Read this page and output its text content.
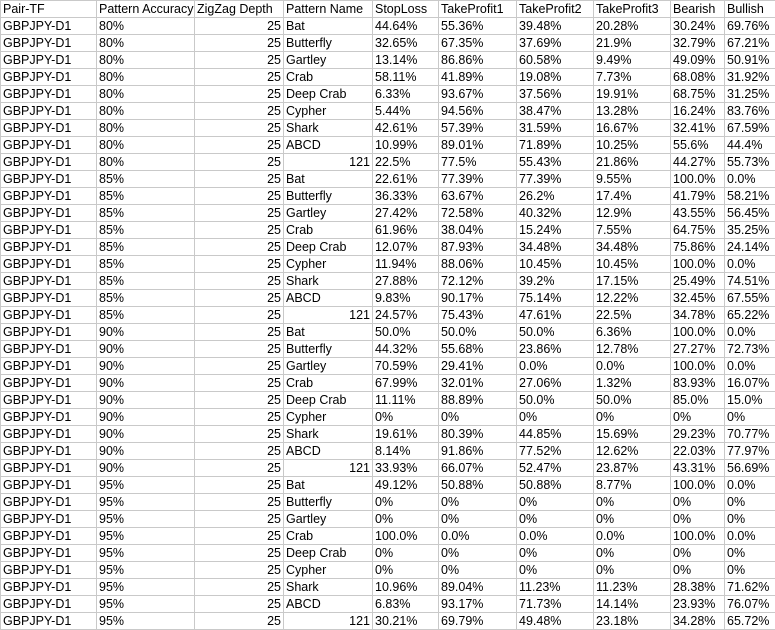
Pair-TF	Pattern Accuracy	ZigZag Depth	Pattern Name	StopLoss	TakeProfit1	TakeProfit2	TakeProfit3	Bearish	Bullish
GBPJPY-D1	80%	25	Bat	44.64%	55.36%	39.48%	20.28%	30.24%	69.76%
GBPJPY-D1	80%	25	Butterfly	32.65%	67.35%	37.69%	21.9%	32.79%	67.21%
GBPJPY-D1	80%	25	Gartley	13.14%	86.86%	60.58%	9.49%	49.09%	50.91%
GBPJPY-D1	80%	25	Crab	58.11%	41.89%	19.08%	7.73%	68.08%	31.92%
GBPJPY-D1	80%	25	Deep Crab	6.33%	93.67%	37.56%	19.91%	68.75%	31.25%
GBPJPY-D1	80%	25	Cypher	5.44%	94.56%	38.47%	13.28%	16.24%	83.76%
GBPJPY-D1	80%	25	Shark	42.61%	57.39%	31.59%	16.67%	32.41%	67.59%
GBPJPY-D1	80%	25	ABCD	10.99%	89.01%	71.89%	10.25%	55.6%	44.4%
GBPJPY-D1	80%	25	121	22.5%	77.5%	55.43%	21.86%	44.27%	55.73%
GBPJPY-D1	85%	25	Bat	22.61%	77.39%	77.39%	9.55%	100.0%	0.0%
GBPJPY-D1	85%	25	Butterfly	36.33%	63.67%	26.2%	17.4%	41.79%	58.21%
GBPJPY-D1	85%	25	Gartley	27.42%	72.58%	40.32%	12.9%	43.55%	56.45%
GBPJPY-D1	85%	25	Crab	61.96%	38.04%	15.24%	7.55%	64.75%	35.25%
GBPJPY-D1	85%	25	Deep Crab	12.07%	87.93%	34.48%	34.48%	75.86%	24.14%
GBPJPY-D1	85%	25	Cypher	11.94%	88.06%	10.45%	10.45%	100.0%	0.0%
GBPJPY-D1	85%	25	Shark	27.88%	72.12%	39.2%	17.15%	25.49%	74.51%
GBPJPY-D1	85%	25	ABCD	9.83%	90.17%	75.14%	12.22%	32.45%	67.55%
GBPJPY-D1	85%	25	121	24.57%	75.43%	47.61%	22.5%	34.78%	65.22%
GBPJPY-D1	90%	25	Bat	50.0%	50.0%	50.0%	6.36%	100.0%	0.0%
GBPJPY-D1	90%	25	Butterfly	44.32%	55.68%	23.86%	12.78%	27.27%	72.73%
GBPJPY-D1	90%	25	Gartley	70.59%	29.41%	0.0%	0.0%	100.0%	0.0%
GBPJPY-D1	90%	25	Crab	67.99%	32.01%	27.06%	1.32%	83.93%	16.07%
GBPJPY-D1	90%	25	Deep Crab	11.11%	88.89%	50.0%	50.0%	85.0%	15.0%
GBPJPY-D1	90%	25	Cypher	0%	0%	0%	0%	0%	0%
GBPJPY-D1	90%	25	Shark	19.61%	80.39%	44.85%	15.69%	29.23%	70.77%
GBPJPY-D1	90%	25	ABCD	8.14%	91.86%	77.52%	12.62%	22.03%	77.97%
GBPJPY-D1	90%	25	121	33.93%	66.07%	52.47%	23.87%	43.31%	56.69%
GBPJPY-D1	95%	25	Bat	49.12%	50.88%	50.88%	8.77%	100.0%	0.0%
GBPJPY-D1	95%	25	Butterfly	0%	0%	0%	0%	0%	0%
GBPJPY-D1	95%	25	Gartley	0%	0%	0%	0%	0%	0%
GBPJPY-D1	95%	25	Crab	100.0%	0.0%	0.0%	0.0%	100.0%	0.0%
GBPJPY-D1	95%	25	Deep Crab	0%	0%	0%	0%	0%	0%
GBPJPY-D1	95%	25	Cypher	0%	0%	0%	0%	0%	0%
GBPJPY-D1	95%	25	Shark	10.96%	89.04%	11.23%	11.23%	28.38%	71.62%
GBPJPY-D1	95%	25	ABCD	6.83%	93.17%	71.73%	14.14%	23.93%	76.07%
GBPJPY-D1	95%	25	121	30.21%	69.79%	49.48%	23.18%	34.28%	65.72%
